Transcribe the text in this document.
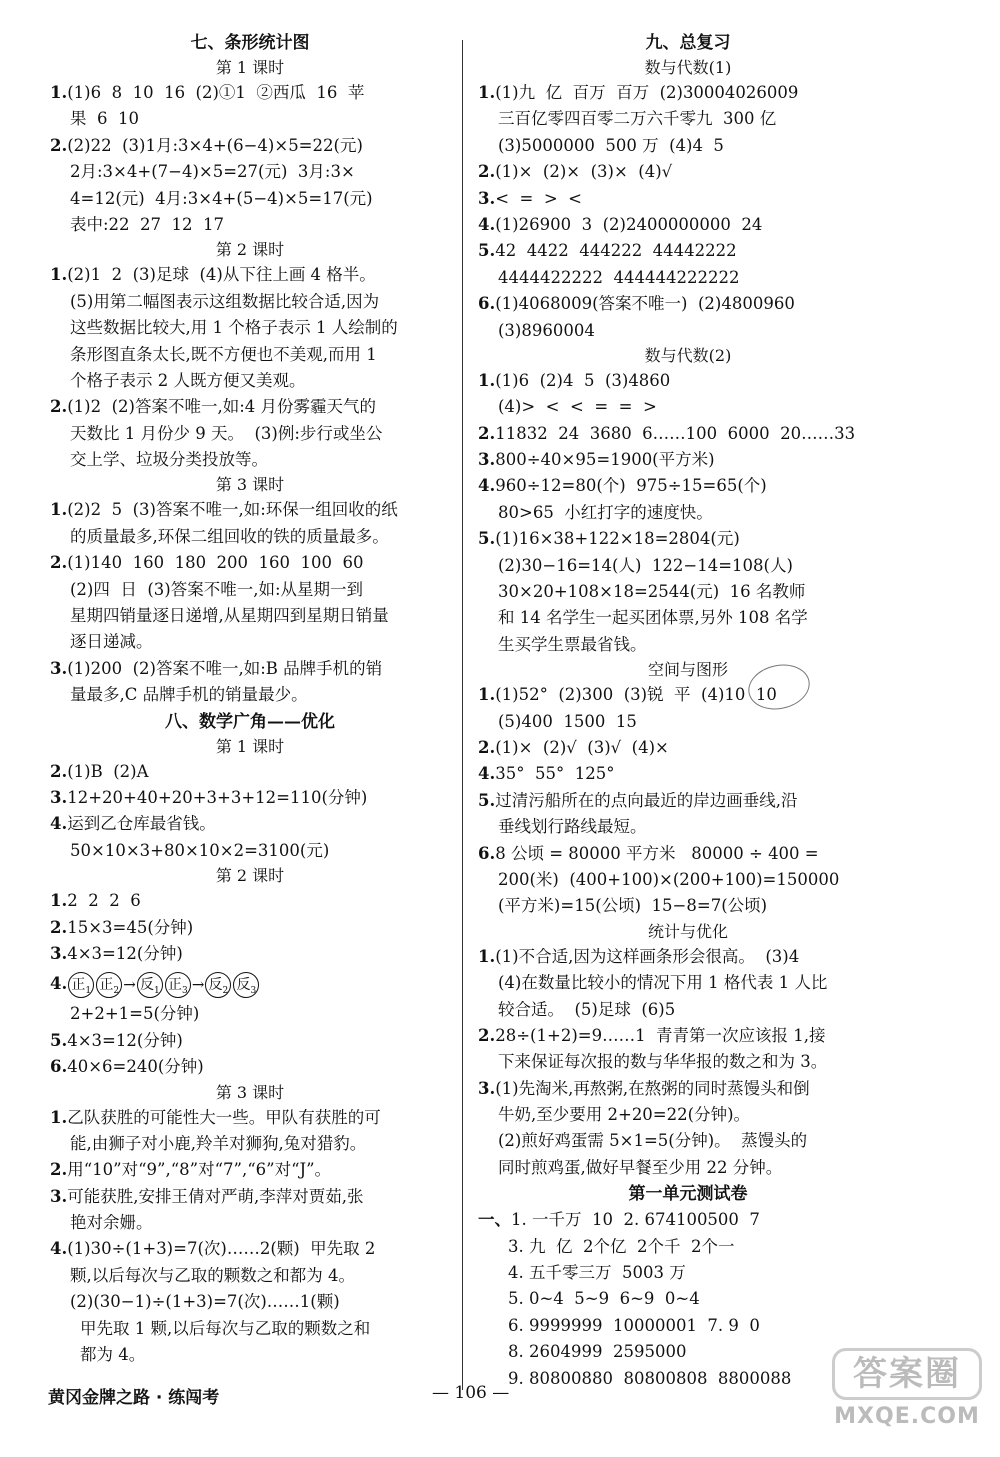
七、条形统计图
第 1 课时
1.(1)6  8  10  16  (2)①1  ②西瓜  16  苹
果  6  10
2.(2)22  (3)1月:3×4+(6−4)×5=22(元)
2月:3×4+(7−4)×5=27(元)  3月:3×
4=12(元)  4月:3×4+(5−4)×5=17(元)
表中:22  27  12  17
第 2 课时
1.(2)1  2  (3)足球  (4)从下往上画 4 格半。
(5)用第二幅图表示这组数据比较合适,因为
这些数据比较大,用 1 个格子表示 1 人绘制的
条形图直条太长,既不方便也不美观,而用 1
个格子表示 2 人既方便又美观。
2.(1)2  (2)答案不唯一,如:4 月份雾霾天气的
天数比 1 月份少 9 天。  (3)例:步行或坐公
交上学、垃圾分类投放等。
第 3 课时
1.(2)2  5  (3)答案不唯一,如:环保一组回收的纸
的质量最多,环保二组回收的铁的质量最多。
2.(1)140  160  180  200  160  100  60
(2)四  日  (3)答案不唯一,如:从星期一到
星期四销量逐日递增,从星期四到星期日销量
逐日递减。
3.(1)200  (2)答案不唯一,如:B 品牌手机的销
量最多,C 品牌手机的销量最少。
八、数学广角——优化
第 1 课时
2.(1)B  (2)A
3.12+20+40+20+3+3+12=110(分钟)
4.运到乙仓库最省钱。
50×10×3+80×10×2=3100(元)
第 2 课时
1.2  2  2  6
2.15×3=45(分钟)
3.4×3=12(分钟)
4. 正$_1$ 正$_2$ → 反$_1$ 正$_3$ → 反$_2$ 反$_3$
2+2+1=5(分钟)
5.4×3=12(分钟)
6.40×6=240(分钟)
第 3 课时
1.乙队获胜的可能性大一些。甲队有获胜的可
能,由狮子对小鹿,羚羊对狮狗,兔对猎豹。
2.用“10”对“9”,“8”对“7”,“6”对“J”。
3.可能获胜,安排王倩对严萌,李萍对贾茹,张
艳对余姗。
4.(1)30÷(1+3)=7(次)……2(颗)  甲先取 2
颗,以后每次与乙取的颗数之和都为 4。
(2)(30−1)÷(1+3)=7(次)……1(颗)
甲先取 1 颗,以后每次与乙取的颗数之和
都为 4。
九、总复习
数与代数(1)
1.(1)九  亿  百万  百万  (2)30004026009
三百亿零四百零二万六千零九  300 亿
(3)5000000  500 万  (4)4  5
2.(1)×  (2)×  (3)×  (4)√
3.<  =  >  <
4.(1)26900  3  (2)2400000000  24
5.42  4422  444222  44442222
4444422222  444444222222
6.(1)4068009(答案不唯一)  (2)4800960
(3)8960004
数与代数(2)
1.(1)6  (2)4  5  (3)4860
(4)>  <  <  =  =  >
2.11832  24  3680  6……100  6000  20……33
3.800÷40×95=1900(平方米)
4.960÷12=80(个)  975÷15=65(个)
80>65  小红打字的速度快。
5.(1)16×38+122×18=2804(元)
(2)30−16=14(人)  122−14=108(人)
30×20+108×18=2544(元)  16 名教师
和 14 名学生一起买团体票,另外 108 名学
生买学生票最省钱。
空间与图形
1.(1)52°  (2)300  (3)锐  平  (4)10  10
(5)400  1500  15
2.(1)×  (2)√  (3)√  (4)×
4.35°  55°  125°
5.过清污船所在的点向最近的岸边画垂线,沿
垂线划行路线最短。
6.8 公顷 = 80000 平方米   80000 ÷ 400 =
200(米)  (400+100)×(200+100)=150000
(平方米)=15(公顷)  15−8=7(公顷)
统计与优化
1.(1)不合适,因为这样画条形会很高。  (3)4
(4)在数量比较小的情况下用 1 格代表 1 人比
较合适。  (5)足球  (6)5
2.28÷(1+2)=9……1  青青第一次应该报 1,接
下来保证每次报的数与华华报的数之和为 3。
3.(1)先淘米,再熬粥,在熬粥的同时蒸馒头和倒
牛奶,至少要用 2+20=22(分钟)。
(2)煎好鸡蛋需 5×1=5(分钟)。  蒸馒头的
同时煎鸡蛋,做好早餐至少用 22 分钟。
第一单元测试卷
一、1. 一千万  10  2. 674100500  7
3. 九  亿  2个亿  2个千  2个一
4. 五千零三万  5003 万
5. 0~4  5~9  6~9  0~4
6. 9999999  10000001  7. 9  0
8. 2604999  2595000
9. 80800880  80800808  8800088
黄冈金牌之路 · 练闯考	— 106 —	答案圈
MXQE.COM
